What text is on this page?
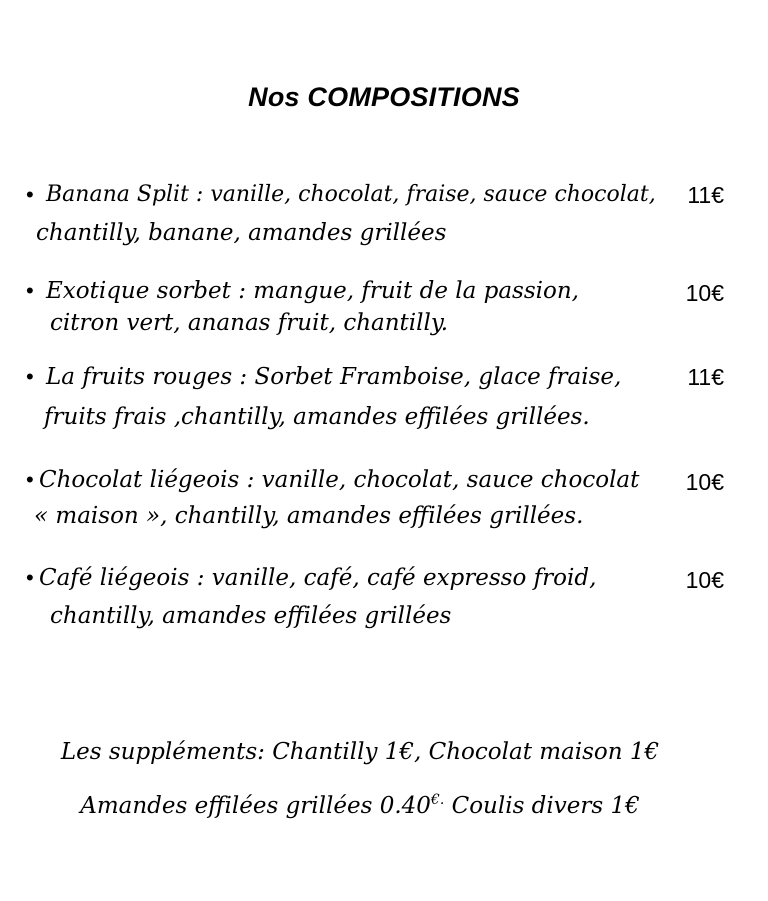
Nos COMPOSITIONS
• Banana Split : vanille, chocolat, fraise, sauce chocolat,
chantilly, banane, amandes grillées
11€
• Exotique sorbet : mangue, fruit de la passion,
citron vert, ananas fruit, chantilly.
10€
• La fruits rouges : Sorbet Framboise, glace fraise,
fruits frais ,chantilly, amandes effilées grillées.
11€
• Chocolat liégeois : vanille, chocolat, sauce chocolat
« maison », chantilly, amandes effilées grillées.
10€
• Café liégeois : vanille, café, café expresso froid,
chantilly, amandes effilées grillées
10€
Les suppléments: Chantilly 1€, Chocolat maison 1€
Amandes effilées grillées 0.40€. Coulis divers 1€
